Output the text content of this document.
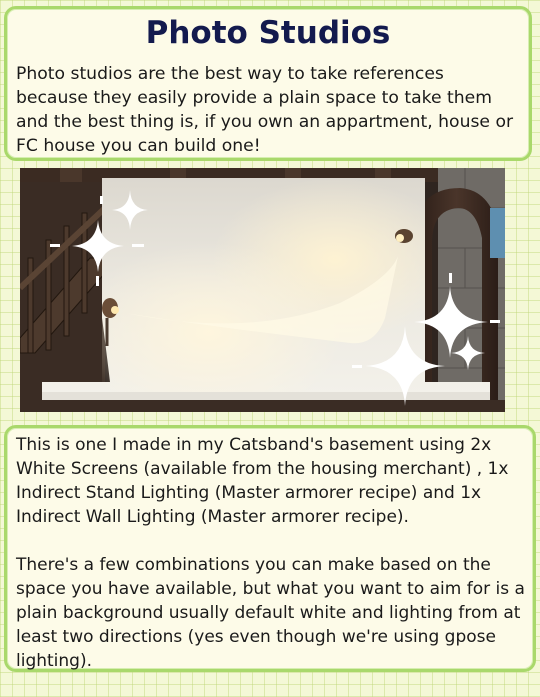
Photo Studios

Photo studios are the best way to take references because they easily provide a plain space to take them and the best thing is, if you own an appartment, house or FC house you can build one!

This is one I made in my Catsband's basement using 2x White Screens (available from the housing merchant) , 1x Indirect Stand Lighting (Master armorer recipe) and 1x Indirect Wall Lighting (Master armorer recipe).

There's a few combinations you can make based on the space you have available, but what you want to aim for is a plain background usually default white and lighting from at least two directions (yes even though we're using gpose lighting).
